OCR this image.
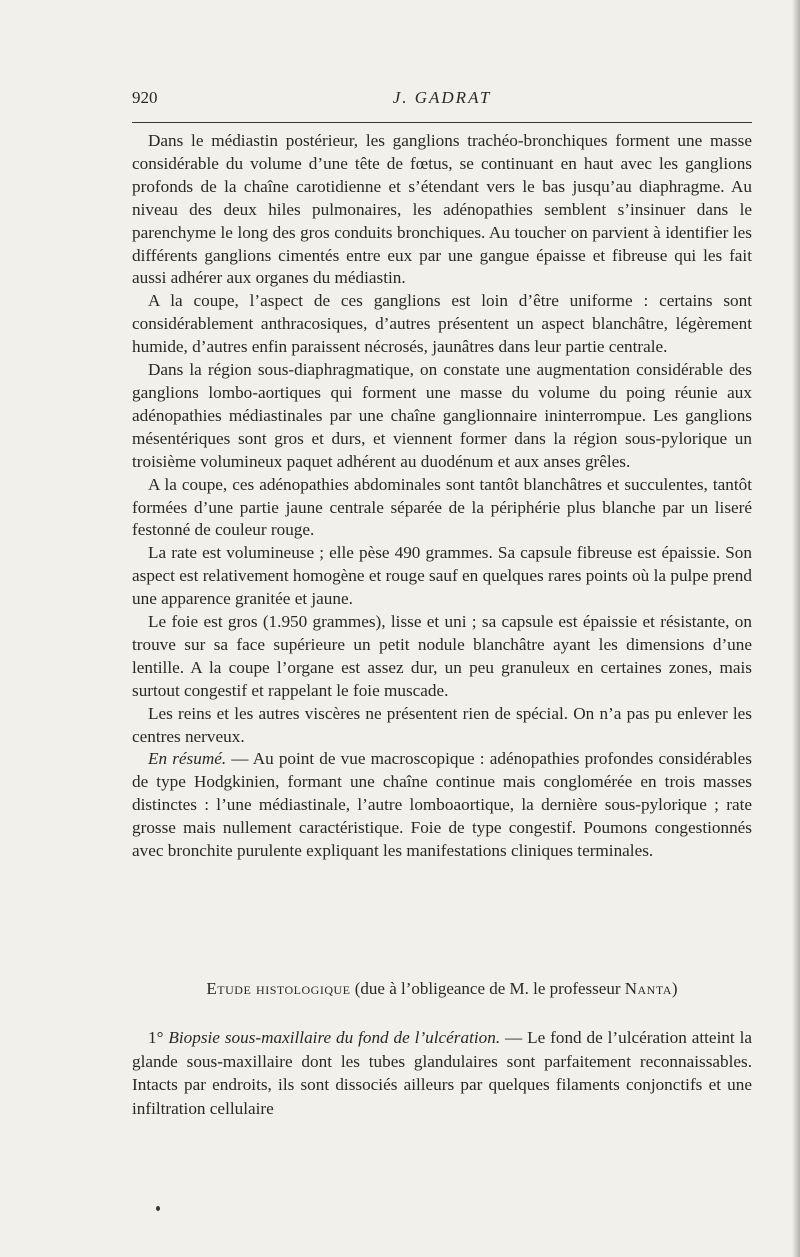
920	J. GADRAT

Dans le médiastin postérieur, les ganglions trachéo-bronchiques forment une masse considérable du volume d’une tête de fœtus, se continuant en haut avec les ganglions profonds de la chaîne carotidienne et s’étendant vers le bas jusqu’au diaphragme. Au niveau des deux hiles pulmonaires, les adénopathies semblent s’insinuer dans le parenchyme le long des gros conduits bronchiques. Au toucher on parvient à identifier les différents ganglions cimentés entre eux par une gangue épaisse et fibreuse qui les fait aussi adhérer aux organes du médiastin.

A la coupe, l’aspect de ces ganglions est loin d’être uniforme : certains sont considérablement anthracosiques, d’autres présentent un aspect blanchâtre, légèrement humide, d’autres enfin paraissent nécrosés, jaunâtres dans leur partie centrale.

Dans la région sous-diaphragmatique, on constate une augmentation considérable des ganglions lombo-aortiques qui forment une masse du volume du poing réunie aux adénopathies médiastinales par une chaîne ganglionnaire ininterrompue. Les ganglions mésentériques sont gros et durs, et viennent former dans la région sous-pylorique un troisième volumineux paquet adhérent au duodénum et aux anses grêles.

A la coupe, ces adénopathies abdominales sont tantôt blanchâtres et succulentes, tantôt formées d’une partie jaune centrale séparée de la périphérie plus blanche par un liseré festonné de couleur rouge.

La rate est volumineuse ; elle pèse 490 grammes. Sa capsule fibreuse est épaissie. Son aspect est relativement homogène et rouge sauf en quelques rares points où la pulpe prend une apparence granitée et jaune.

Le foie est gros (1.950 grammes), lisse et uni ; sa capsule est épaissie et résistante, on trouve sur sa face supérieure un petit nodule blanchâtre ayant les dimensions d’une lentille. A la coupe l’organe est assez dur, un peu granuleux en certaines zones, mais surtout congestif et rappelant le foie muscade.

Les reins et les autres viscères ne présentent rien de spécial. On n’a pas pu enlever les centres nerveux.

En résumé. — Au point de vue macroscopique : adénopathies profondes considérables de type Hodgkinien, formant une chaîne continue mais conglomérée en trois masses distinctes : l’une médiastinale, l’autre lomboaortique, la dernière sous-pylorique ; rate grosse mais nullement caractéristique. Foie de type congestif. Poumons congestionnés avec bronchite purulente expliquant les manifestations cliniques terminales.

Etude histologique (due à l’obligeance de M. le professeur Nanta)

1° Biopsie sous-maxillaire du fond de l’ulcération. — Le fond de l’ulcération atteint la glande sous-maxillaire dont les tubes glandulaires sont parfaitement reconnaissables. Intacts par endroits, ils sont dissociés ailleurs par quelques filaments conjonctifs et une infiltration cellulaire
